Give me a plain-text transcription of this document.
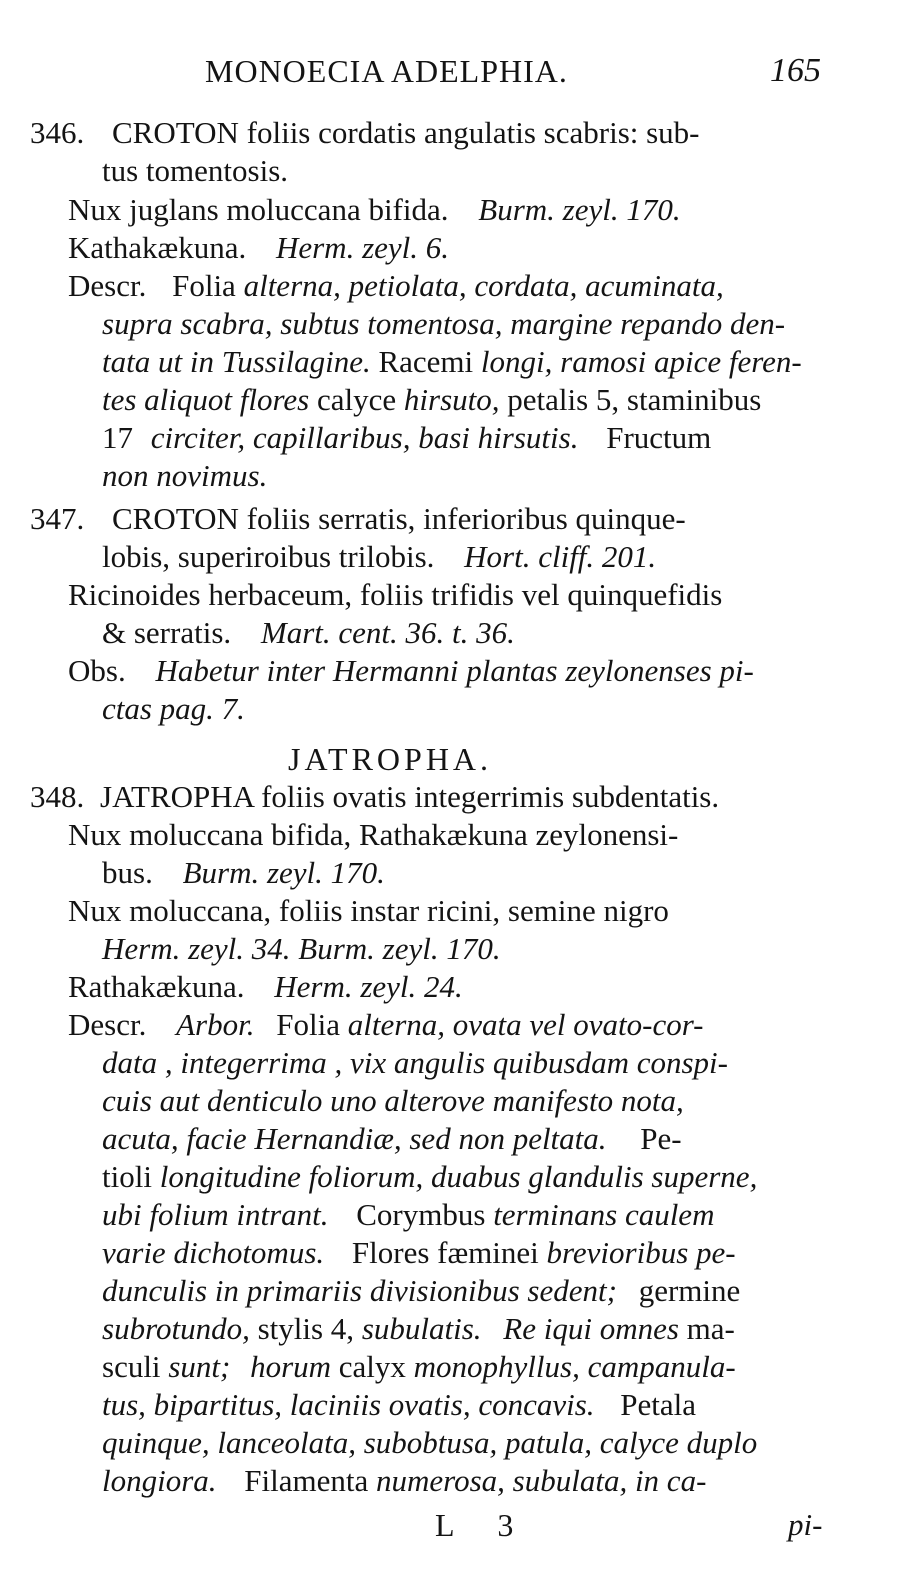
MONOECIA ADELPHIA.	165
346. CROTON foliis cordatis angulatis scabris: sub-
tus tomentosis.
Nux juglans moluccana bifida. Burm. zeyl. 170.
Kathakækuna. Herm. zeyl. 6.
Descr. Folia alterna, petiolata, cordata, acuminata,
supra scabra, subtus tomentosa, margine repando den-
tata ut in Tussilagine. Racemi longi, ramosi apice feren-
tes aliquot flores calyce hirsuto, petalis 5, staminibus
17 circiter, capillaribus, basi hirsutis. Fructum
non novimus.
347. CROTON foliis serratis, inferioribus quinque-
lobis, superiroibus trilobis. Hort. cliff. 201.
Ricinoides herbaceum, foliis trifidis vel quinquefidis
& serratis. Mart. cent. 36. t. 36.
Obs. Habetur inter Hermanni plantas zeylonenses pi-
ctas pag. 7.
JATROPHA.
348. JATROPHA foliis ovatis integerrimis subdentatis.
Nux moluccana bifida, Rathakækuna zeylonensi-
bus. Burm. zeyl. 170.
Nux moluccana, foliis instar ricini, semine nigro
Herm. zeyl. 34. Burm. zeyl. 170.
Rathakækuna. Herm. zeyl. 24.
Descr. Arbor. Folia alterna, ovata vel ovato-cor-
data , integerrima , vix angulis quibusdam conspi-
cuis aut denticulo uno alterove manifesto nota,
acuta, facie Hernandiæ, sed non peltata. Pe-
tioli longitudine foliorum, duabus glandulis superne,
ubi folium intrant. Corymbus terminans caulem
varie dichotomus. Flores fæminei brevioribus pe-
dunculis in primariis divisionibus sedent; germine
subrotundo, stylis 4, subulatis. Re iqui omnes ma-
sculi sunt; horum calyx monophyllus, campanula-
tus, bipartitus, laciniis ovatis, concavis. Petala
quinque, lanceolata, subobtusa, patula, calyce duplo
longiora. Filamenta numerosa, subulata, in ca-
L 3	pi-
